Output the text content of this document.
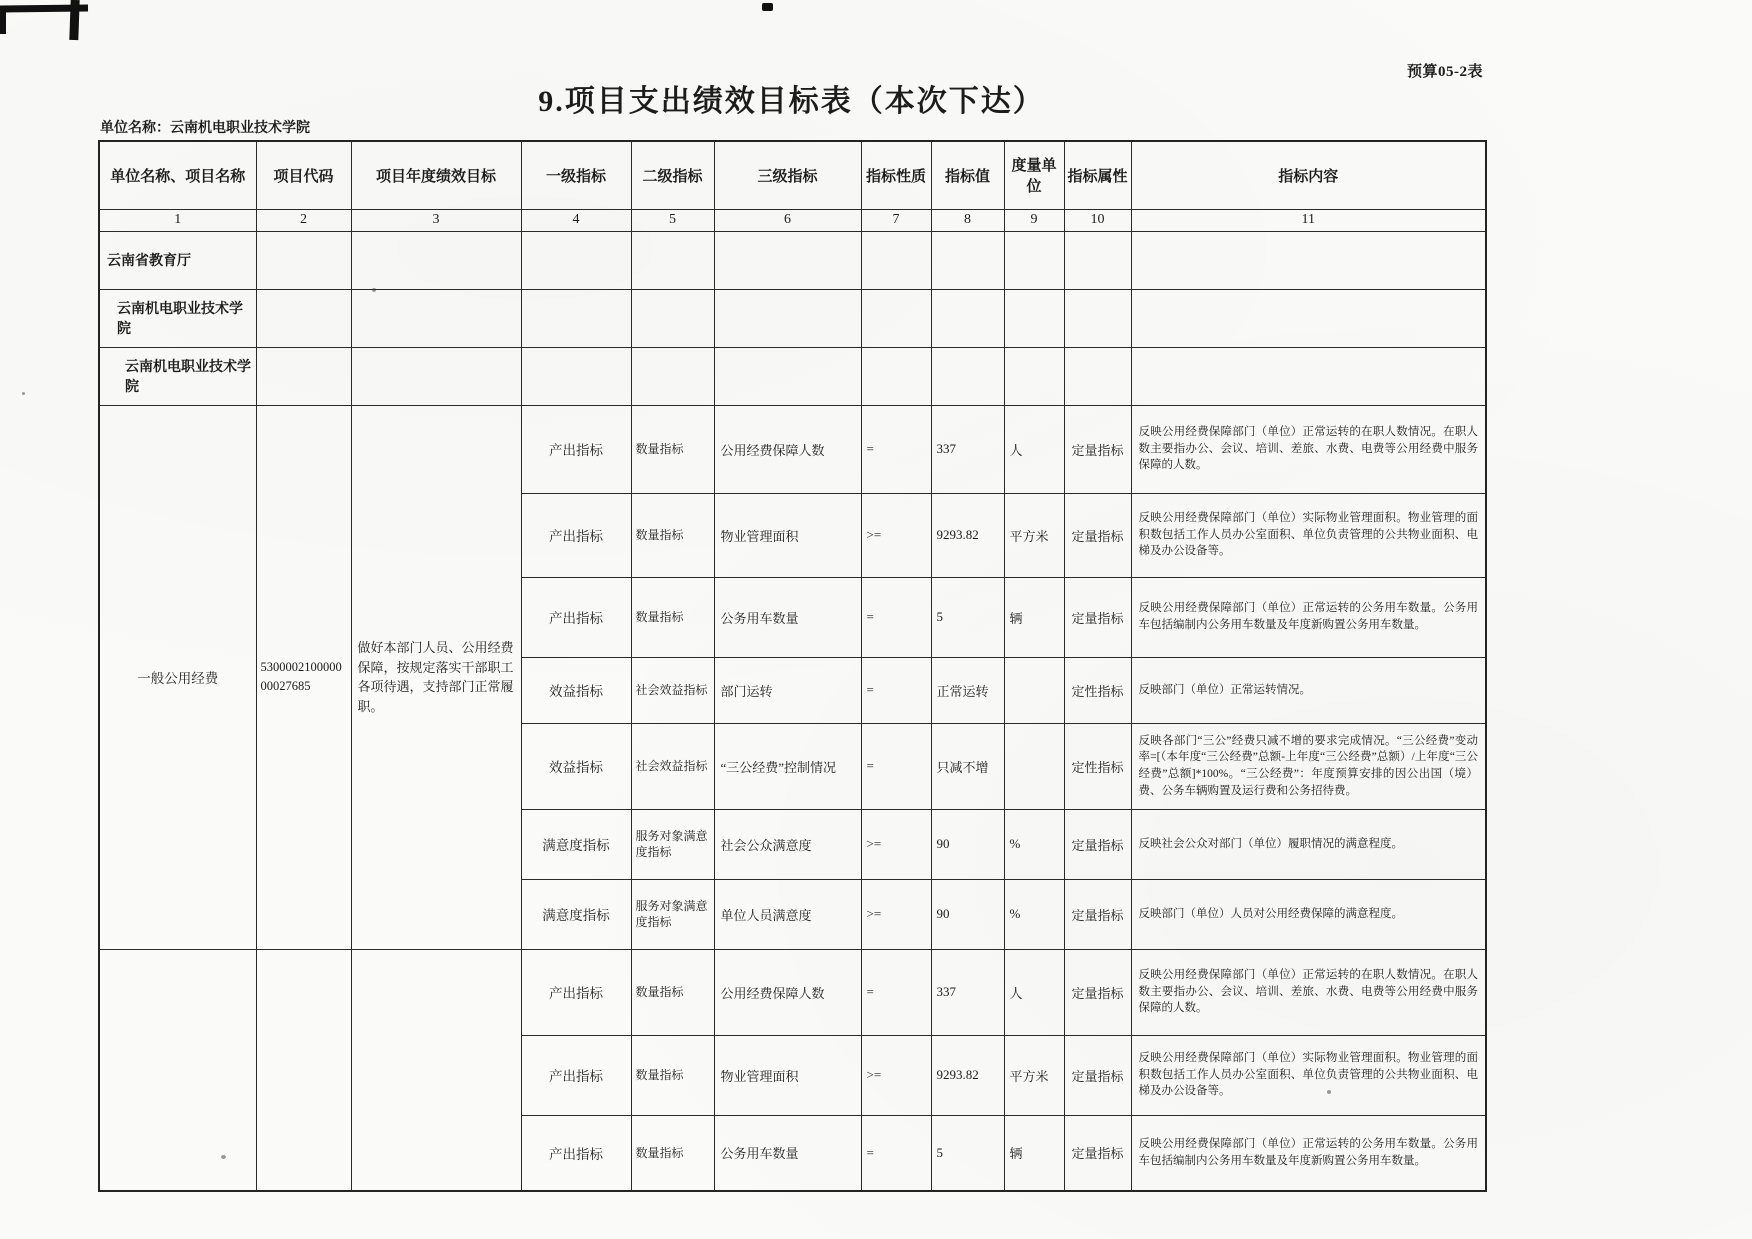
预算05-2表
9.项目支出绩效目标表（本次下达）
单位名称：云南机电职业技术学院
单位名称、项目名称	项目代码	项目年度绩效目标	一级指标	二级指标	三级指标	指标性质	指标值	度量单位	指标属性	指标内容
1	2	3	4	5	6	7	8	9	10	11
云南省教育厅										
云南机电职业技术学院										
云南机电职业技术学院										
一般公用经费	530000210000000027685	做好本部门人员、公用经费保障，按规定落实干部职工各项待遇，支持部门正常履职。	产出指标	数量指标	公用经费保障人数	=	337	人	定量指标	反映公用经费保障部门（单位）正常运转的在职人数情况。在职人数主要指办公、会议、培训、差旅、水费、电费等公用经费中服务保障的人数。
			产出指标	数量指标	物业管理面积	>=	9293.82	平方米	定量指标	反映公用经费保障部门（单位）实际物业管理面积。物业管理的面积数包括工作人员办公室面积、单位负责管理的公共物业面积、电梯及办公设备等。
			产出指标	数量指标	公务用车数量	=	5	辆	定量指标	反映公用经费保障部门（单位）正常运转的公务用车数量。公务用车包括编制内公务用车数量及年度新购置公务用车数量。
			效益指标	社会效益指标	部门运转	=	正常运转		定性指标	反映部门（单位）正常运转情况。
			效益指标	社会效益指标	“三公经费”控制情况	=	只减不增		定性指标	反映各部门“三公”经费只减不增的要求完成情况。“三公经费”变动率=[（本年度“三公经费”总额-上年度“三公经费”总额）/上年度“三公经费”总额]*100%。“三公经费”：年度预算安排的因公出国（境）费、公务车辆购置及运行费和公务招待费。
			满意度指标	服务对象满意度指标	社会公众满意度	>=	90	%	定量指标	反映社会公众对部门（单位）履职情况的满意程度。
			满意度指标	服务对象满意度指标	单位人员满意度	>=	90	%	定量指标	反映部门（单位）人员对公用经费保障的满意程度。
			产出指标	数量指标	公用经费保障人数	=	337	人	定量指标	反映公用经费保障部门（单位）正常运转的在职人数情况。在职人数主要指办公、会议、培训、差旅、水费、电费等公用经费中服务保障的人数。
			产出指标	数量指标	物业管理面积	>=	9293.82	平方米	定量指标	反映公用经费保障部门（单位）实际物业管理面积。物业管理的面积数包括工作人员办公室面积、单位负责管理的公共物业面积、电梯及办公设备等。
			产出指标	数量指标	公务用车数量	=	5	辆	定量指标	反映公用经费保障部门（单位）正常运转的公务用车数量。公务用车包括编制内公务用车数量及年度新购置公务用车数量。
